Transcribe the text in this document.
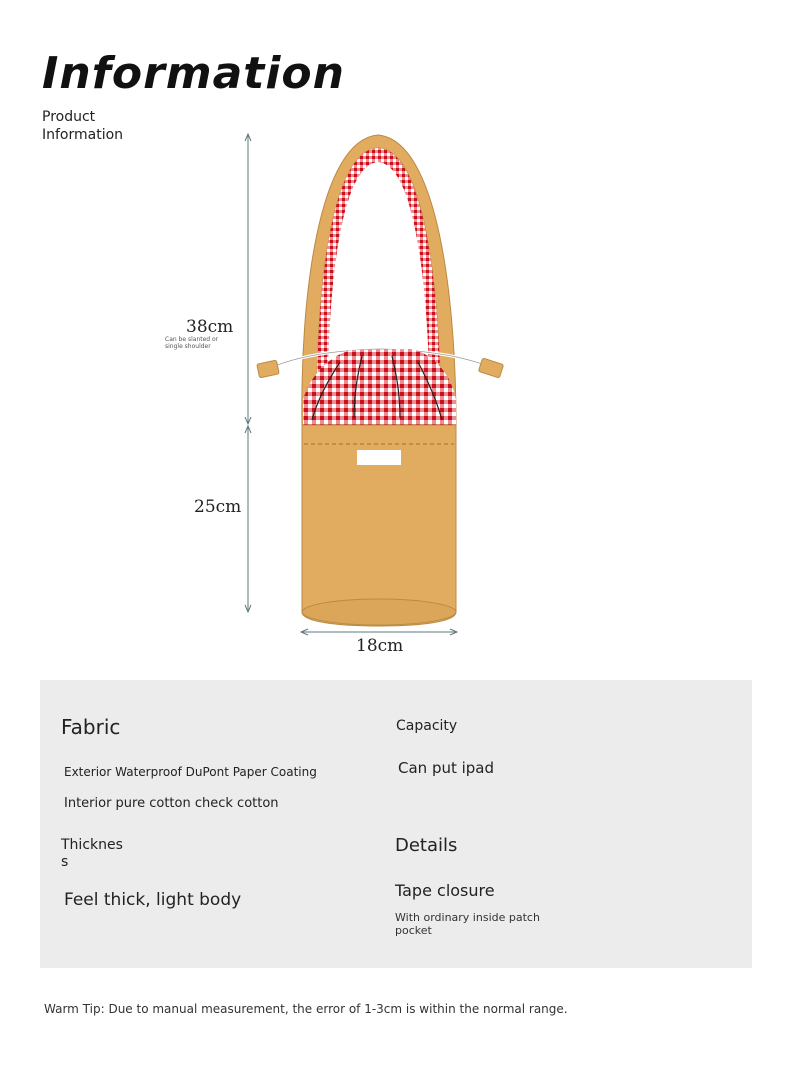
Information
Product
Information
38cm
Can be slanted or
single shoulder
25cm
18cm
Fabric
Exterior Waterproof DuPont Paper Coating
Interior pure cotton check cotton
Thicknes
s
Feel thick, light body
Capacity
Can put ipad
Details
Tape closure
With ordinary inside patch
pocket
Warm Tip: Due to manual measurement, the error of 1-3cm is within the normal range.
